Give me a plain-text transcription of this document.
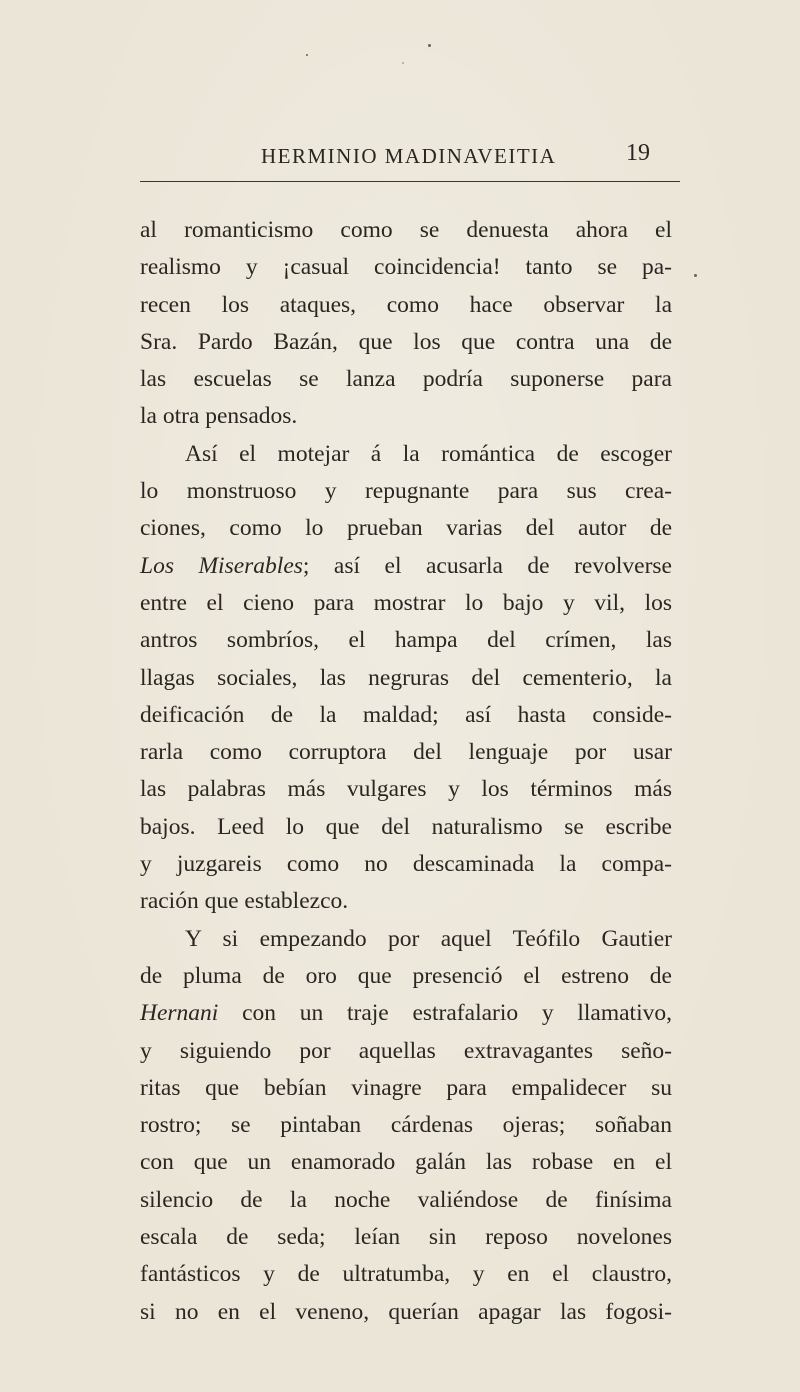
HERMINIO MADINAVEITIA	19
al romanticismo como se denuesta ahora el
realismo y ¡casual coincidencia! tanto se pa-
recen los ataques, como hace observar la
Sra. Pardo Bazán, que los que contra una de
las escuelas se lanza podría suponerse para
la otra pensados.
Así el motejar á la romántica de escoger
lo monstruoso y repugnante para sus crea-
ciones, como lo prueban varias del autor de
Los Miserables; así el acusarla de revolverse
entre el cieno para mostrar lo bajo y vil, los
antros sombríos, el hampa del crímen, las
llagas sociales, las negruras del cementerio, la
deificación de la maldad; así hasta conside-
rarla como corruptora del lenguaje por usar
las palabras más vulgares y los términos más
bajos. Leed lo que del naturalismo se escribe
y juzgareis como no descaminada la compa-
ración que establezco.
Y si empezando por aquel Teófilo Gautier
de pluma de oro que presenció el estreno de
Hernani con un traje estrafalario y llamativo,
y siguiendo por aquellas extravagantes seño-
ritas que bebían vinagre para empalidecer su
rostro; se pintaban cárdenas ojeras; soñaban
con que un enamorado galán las robase en el
silencio de la noche valiéndose de finísima
escala de seda; leían sin reposo novelones
fantásticos y de ultratumba, y en el claustro,
si no en el veneno, querían apagar las fogosi-
